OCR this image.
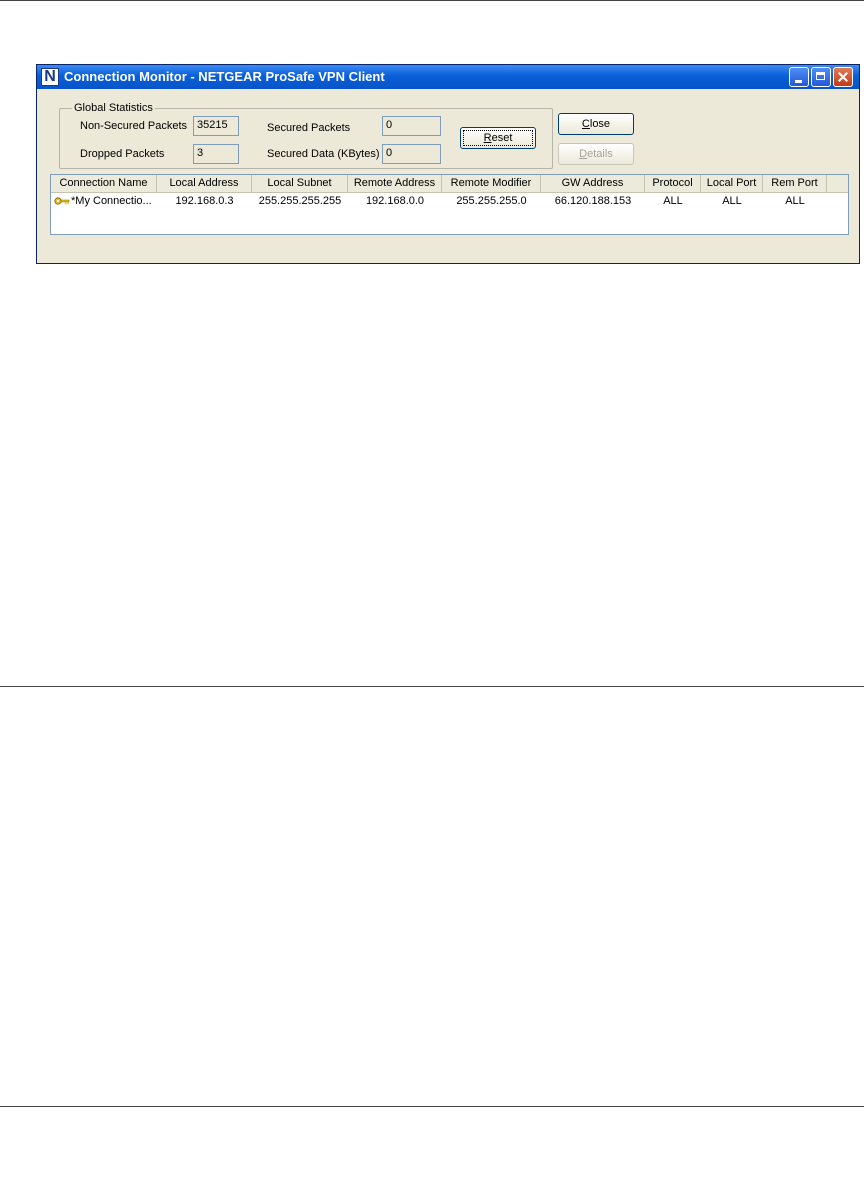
N Connection Monitor - NETGEAR ProSafe VPN Client
Global Statistics
Non-Secured Packets 35215
Dropped Packets	3
Secured Packets	0
Secured Data (KBytes) 0
Reset
Close
Details
Connection Name	Local Address	Local Subnet	Remote Address	Remote Modifier	GW Address	Protocol	Local Port	Rem Port
*My Connectio...	192.168.0.3	255.255.255.255	192.168.0.0	255.255.255.0	66.120.188.153	ALL	ALL	ALL
